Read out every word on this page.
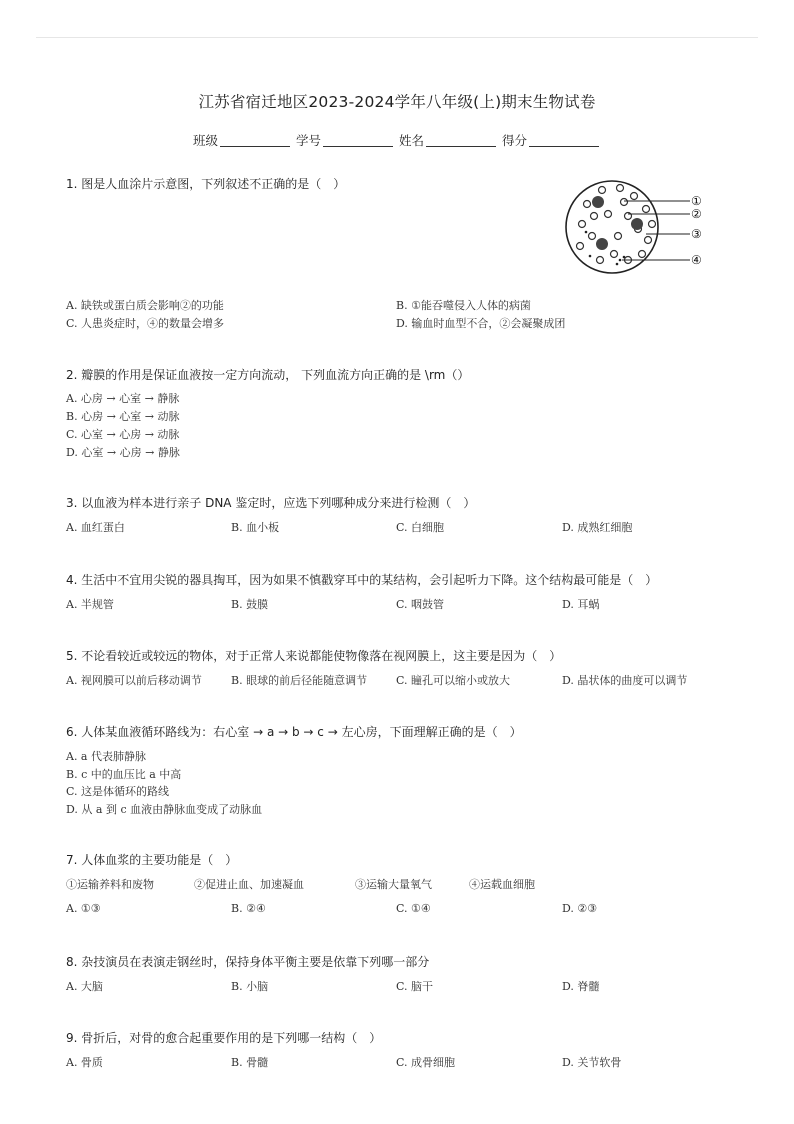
江苏省宿迁地区2023-2024学年八年级(上)期末生物试卷
班级	学号	姓名	得分
1. 图是人血涂片示意图，下列叙述不正确的是（　）
①
②
③
④
A. 缺铁或蛋白质会影响②的功能	B. ①能吞噬侵入人体的病菌
C. 人患炎症时，④的数量会增多	D. 输血时血型不合，②会凝聚成团
2. 瓣膜的作用是保证血液按一定方向流动， 下列血流方向正确的是 \rm（）
A. 心房 → 心室 → 静脉
B. 心房 → 心室 → 动脉
C. 心室 → 心房 → 动脉
D. 心室 → 心房 → 静脉
3. 以血液为样本进行亲子 DNA 鉴定时，应选下列哪种成分来进行检测（　）
A. 血红蛋白	B. 血小板	C. 白细胞	D. 成熟红细胞
4. 生活中不宜用尖锐的器具掏耳，因为如果不慎戳穿耳中的某结构，会引起听力下降。这个结构最可能是（　）
A. 半规管	B. 鼓膜	C. 咽鼓管	D. 耳蜗
5. 不论看较近或较远的物体，对于正常人来说都能使物像落在视网膜上，这主要是因为（　）
A. 视网膜可以前后移动调节	B. 眼球的前后径能随意调节	C. 瞳孔可以缩小或放大	D. 晶状体的曲度可以调节
6. 人体某血液循环路线为：右心室 → a → b → c → 左心房，下面理解正确的是（　）
A. a 代表肺静脉
B. c 中的血压比 a 中高
C. 这是体循环的路线
D. 从 a 到 c 血液由静脉血变成了动脉血
7. 人体血浆的主要功能是（　）
①运输养料和废物	②促进止血、加速凝血	③运输大量氧气	④运载血细胞
A. ①③	B. ②④	C. ①④	D. ②③
8. 杂技演员在表演走钢丝时，保持身体平衡主要是依靠下列哪一部分
A. 大脑	B. 小脑	C. 脑干	D. 脊髓
9. 骨折后，对骨的愈合起重要作用的是下列哪一结构（　）
A. 骨质	B. 骨髓	C. 成骨细胞	D. 关节软骨
